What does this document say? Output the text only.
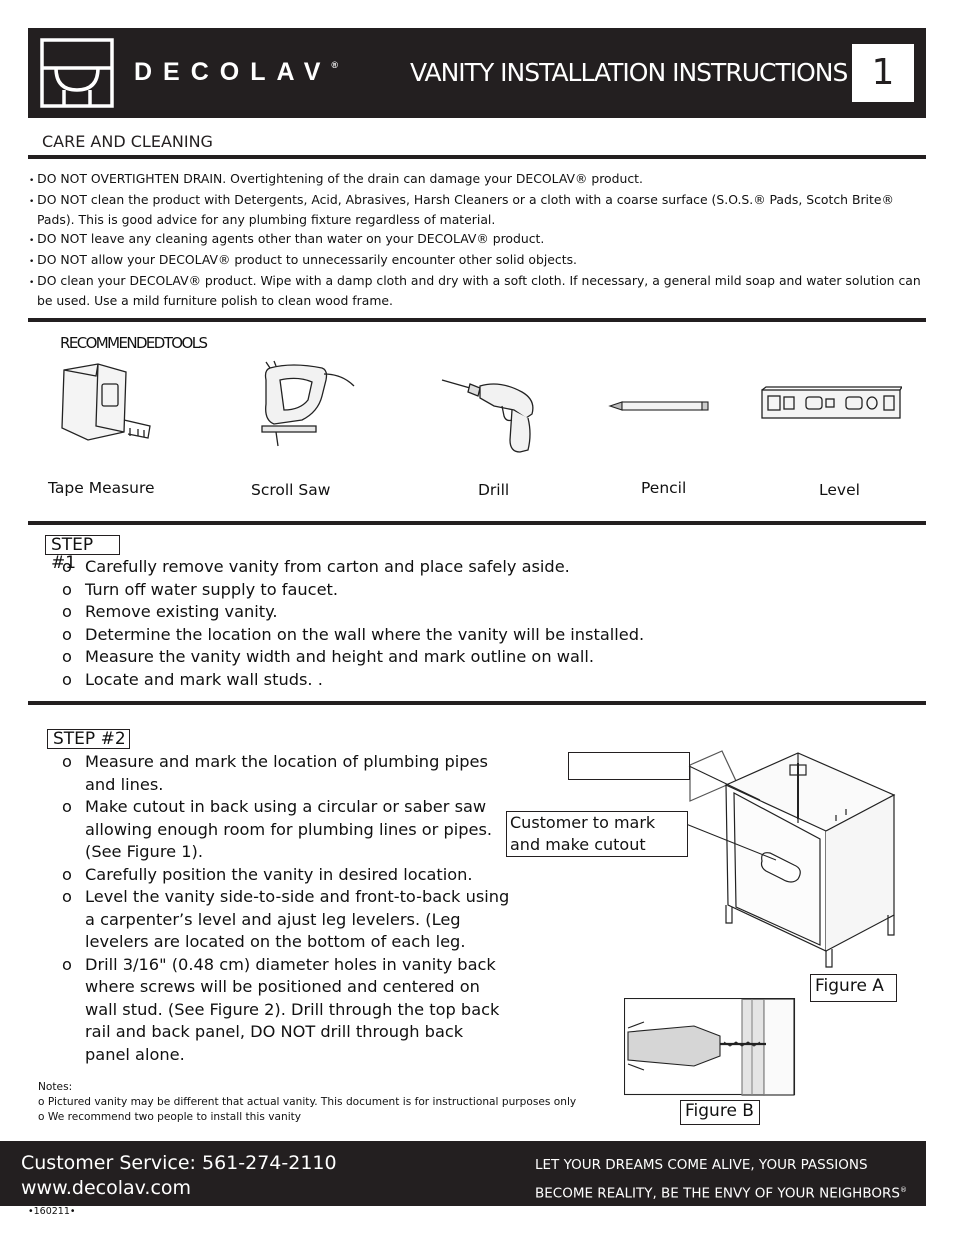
DECOLAV®	VANITY INSTALLATION INSTRUCTIONS 1
CARE AND CLEANING
• DO NOT OVERTIGHTEN DRAIN. Overtightening of the drain can damage your DECOLAV® product.
• DO NOT clean the product with Detergents, Acid, Abrasives, Harsh Cleaners or a cloth with a coarse surface (S.O.S.® Pads, Scotch Brite® Pads). This is good advice for any plumbing fixture regardless of material.
• DO NOT leave any cleaning agents other than water on your DECOLAV® product.
• DO NOT allow your DECOLAV® product to unnecessarily encounter other solid objects.
• DO clean your DECOLAV® product. Wipe with a damp cloth and dry with a soft cloth. If necessary, a general mild soap and water solution can be used. Use a mild furniture polish to clean wood frame.
RECOMMENDEDTOOLS
Tape Measure	Scroll Saw	Drill	Pencil	Level
STEP #1
o Carefully remove vanity from carton and place safely aside.
o Turn off water supply to faucet.
o Remove existing vanity.
o Determine the location on the wall where the vanity will be installed.
o Measure the vanity width and height and mark outline on wall.
o Locate and mark wall studs. .
STEP #2
o Measure and mark the location of plumbing pipes and lines.
o Make cutout in back using a circular or saber saw allowing enough room for plumbing lines or pipes. (See Figure 1).
o Carefully position the vanity in desired location.
o Level the vanity side-to-side and front-to-back using a carpenter’s level and ajust leg levelers. (Leg levelers are located on the bottom of each leg.
o Drill 3/16" (0.48 cm) diameter holes in vanity back where screws will be positioned and centered on wall stud. (See Figure 2). Drill through the top back rail and back panel, DO NOT drill through back panel alone.
Customer to mark and make cutout
Figure A
Figure B
Notes:
o Pictured vanity may be different that actual vanity. This document is for instructional purposes only
o We recommend two people to install this vanity
Customer Service: 561-274-2110
www.decolav.com
LET YOUR DREAMS COME ALIVE, YOUR PASSIONS
BECOME REALITY, BE THE ENVY OF YOUR NEIGHBORS®
•160211•
